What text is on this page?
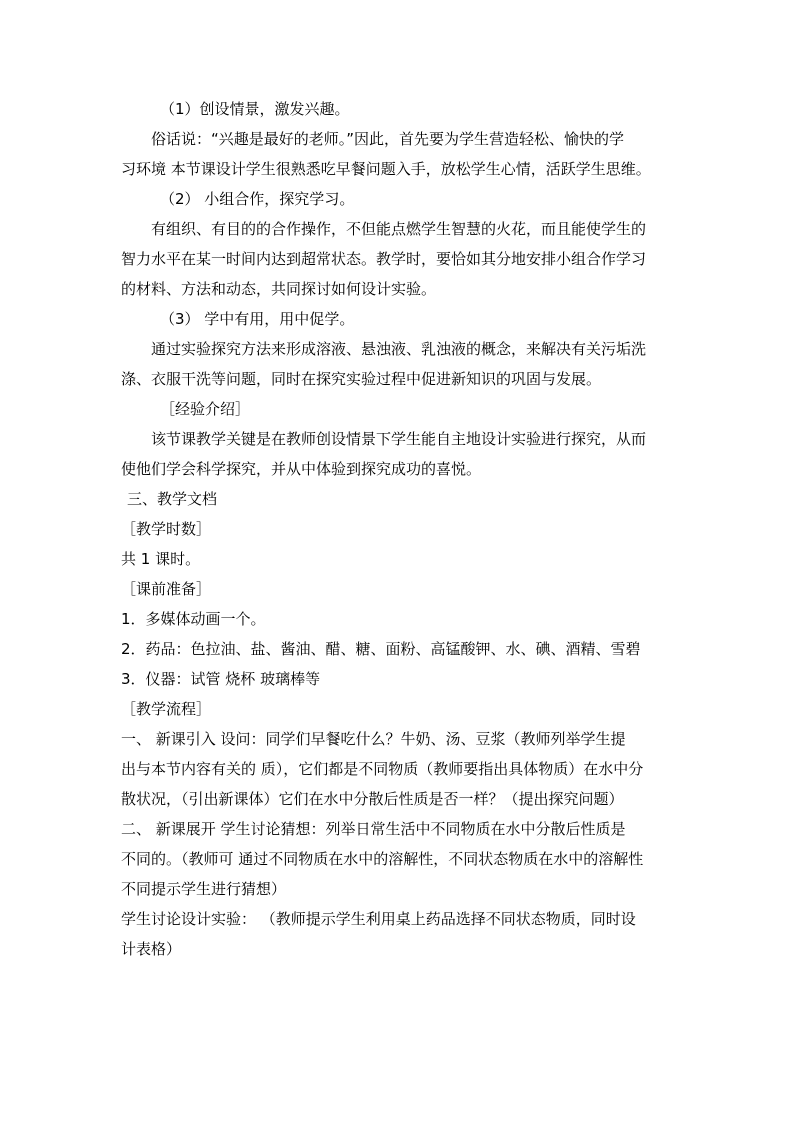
（1）创设情景，激发兴趣。
俗话说：“兴趣是最好的老师。”因此，首先要为学生营造轻松、愉快的学
习环境 本节课设计学生很熟悉吃早餐问题入手，放松学生心情，活跃学生思维。
（2） 小组合作，探究学习。
有组织、有目的的合作操作，不但能点燃学生智慧的火花，而且能使学生的
智力水平在某一时间内达到超常状态。教学时，要恰如其分地安排小组合作学习
的材料、方法和动态，共同探讨如何设计实验。
（3） 学中有用，用中促学。
通过实验探究方法来形成溶液、悬浊液、乳浊液的概念，来解决有关污垢洗
涤、衣服干洗等问题，同时在探究实验过程中促进新知识的巩固与发展。
［经验介绍］
该节课教学关键是在教师创设情景下学生能自主地设计实验进行探究，从而
使他们学会科学探究，并从中体验到探究成功的喜悦。
三、教学文档
［教学时数］
共 1 课时。
［课前准备］
1．多媒体动画一个。
2．药品：色拉油、盐、酱油、醋、糖、面粉、高锰酸钾、水、碘、酒精、雪碧
3．仪器：试管 烧杯 玻璃棒等
［教学流程］
一、 新课引入 设问：同学们早餐吃什么？牛奶、汤、豆浆（教师列举学生提
出与本节内容有关的 质），它们都是不同物质（教师要指出具体物质）在水中分
散状况，（引出新课体）它们在水中分散后性质是否一样？（提出探究问题）
二、 新课展开 学生讨论猜想：列举日常生活中不同物质在水中分散后性质是
不同的。（教师可 通过不同物质在水中的溶解性，不同状态物质在水中的溶解性
不同提示学生进行猜想）
学生讨论设计实验： （教师提示学生利用桌上药品选择不同状态物质，同时设
计表格）
